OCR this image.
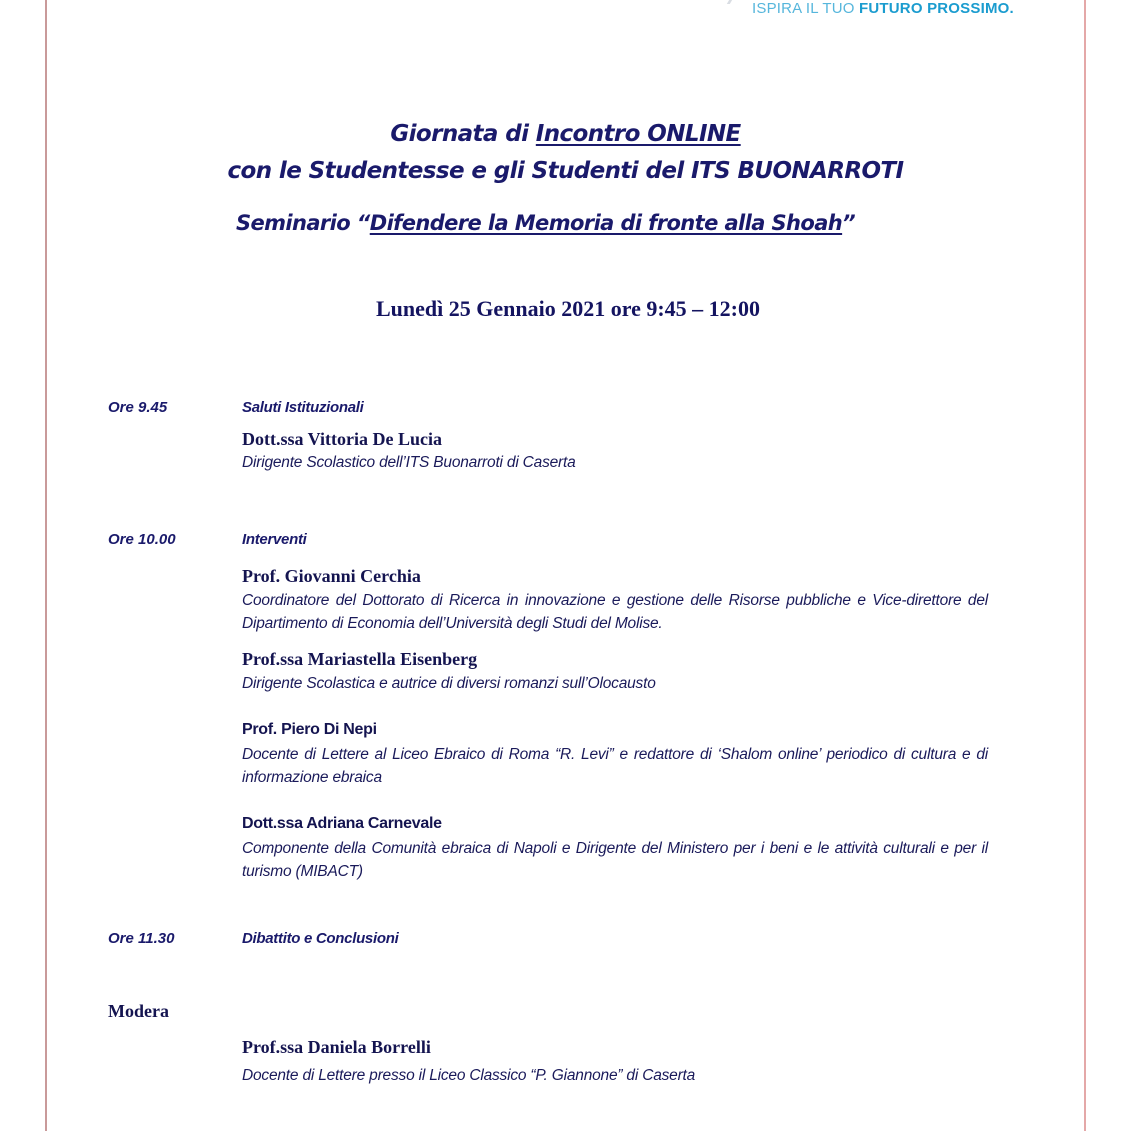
ISPIRA IL TUO FUTURO PROSSIMO.
Giornata di Incontro ONLINE
con le Studentesse e gli Studenti del ITS BUONARROTI
Seminario “Difendere la Memoria di fronte alla Shoah”
Lunedì 25 Gennaio 2021 ore 9:45 – 12:00
Ore 9.45	Saluti Istituzionali
Dott.ssa Vittoria De Lucia
Dirigente Scolastico dell’ITS Buonarroti di Caserta
Ore 10.00	Interventi
Prof. Giovanni Cerchia
Coordinatore del Dottorato di Ricerca in innovazione e gestione delle Risorse pubbliche e Vice-direttore del Dipartimento di Economia dell’Università degli Studi del Molise.
Prof.ssa Mariastella Eisenberg
Dirigente Scolastica e autrice di diversi romanzi sull’Olocausto
Prof. Piero Di Nepi
Docente di Lettere al Liceo Ebraico di Roma “R. Levi” e redattore di ‘Shalom online’ periodico di cultura e di informazione ebraica
Dott.ssa Adriana Carnevale
Componente della Comunità ebraica di Napoli e Dirigente del Ministero per i beni e le attività culturali e per il turismo (MIBACT)
Ore 11.30	Dibattito e Conclusioni
Modera
Prof.ssa Daniela Borrelli
Docente di Lettere presso il Liceo Classico “P. Giannone” di Caserta
